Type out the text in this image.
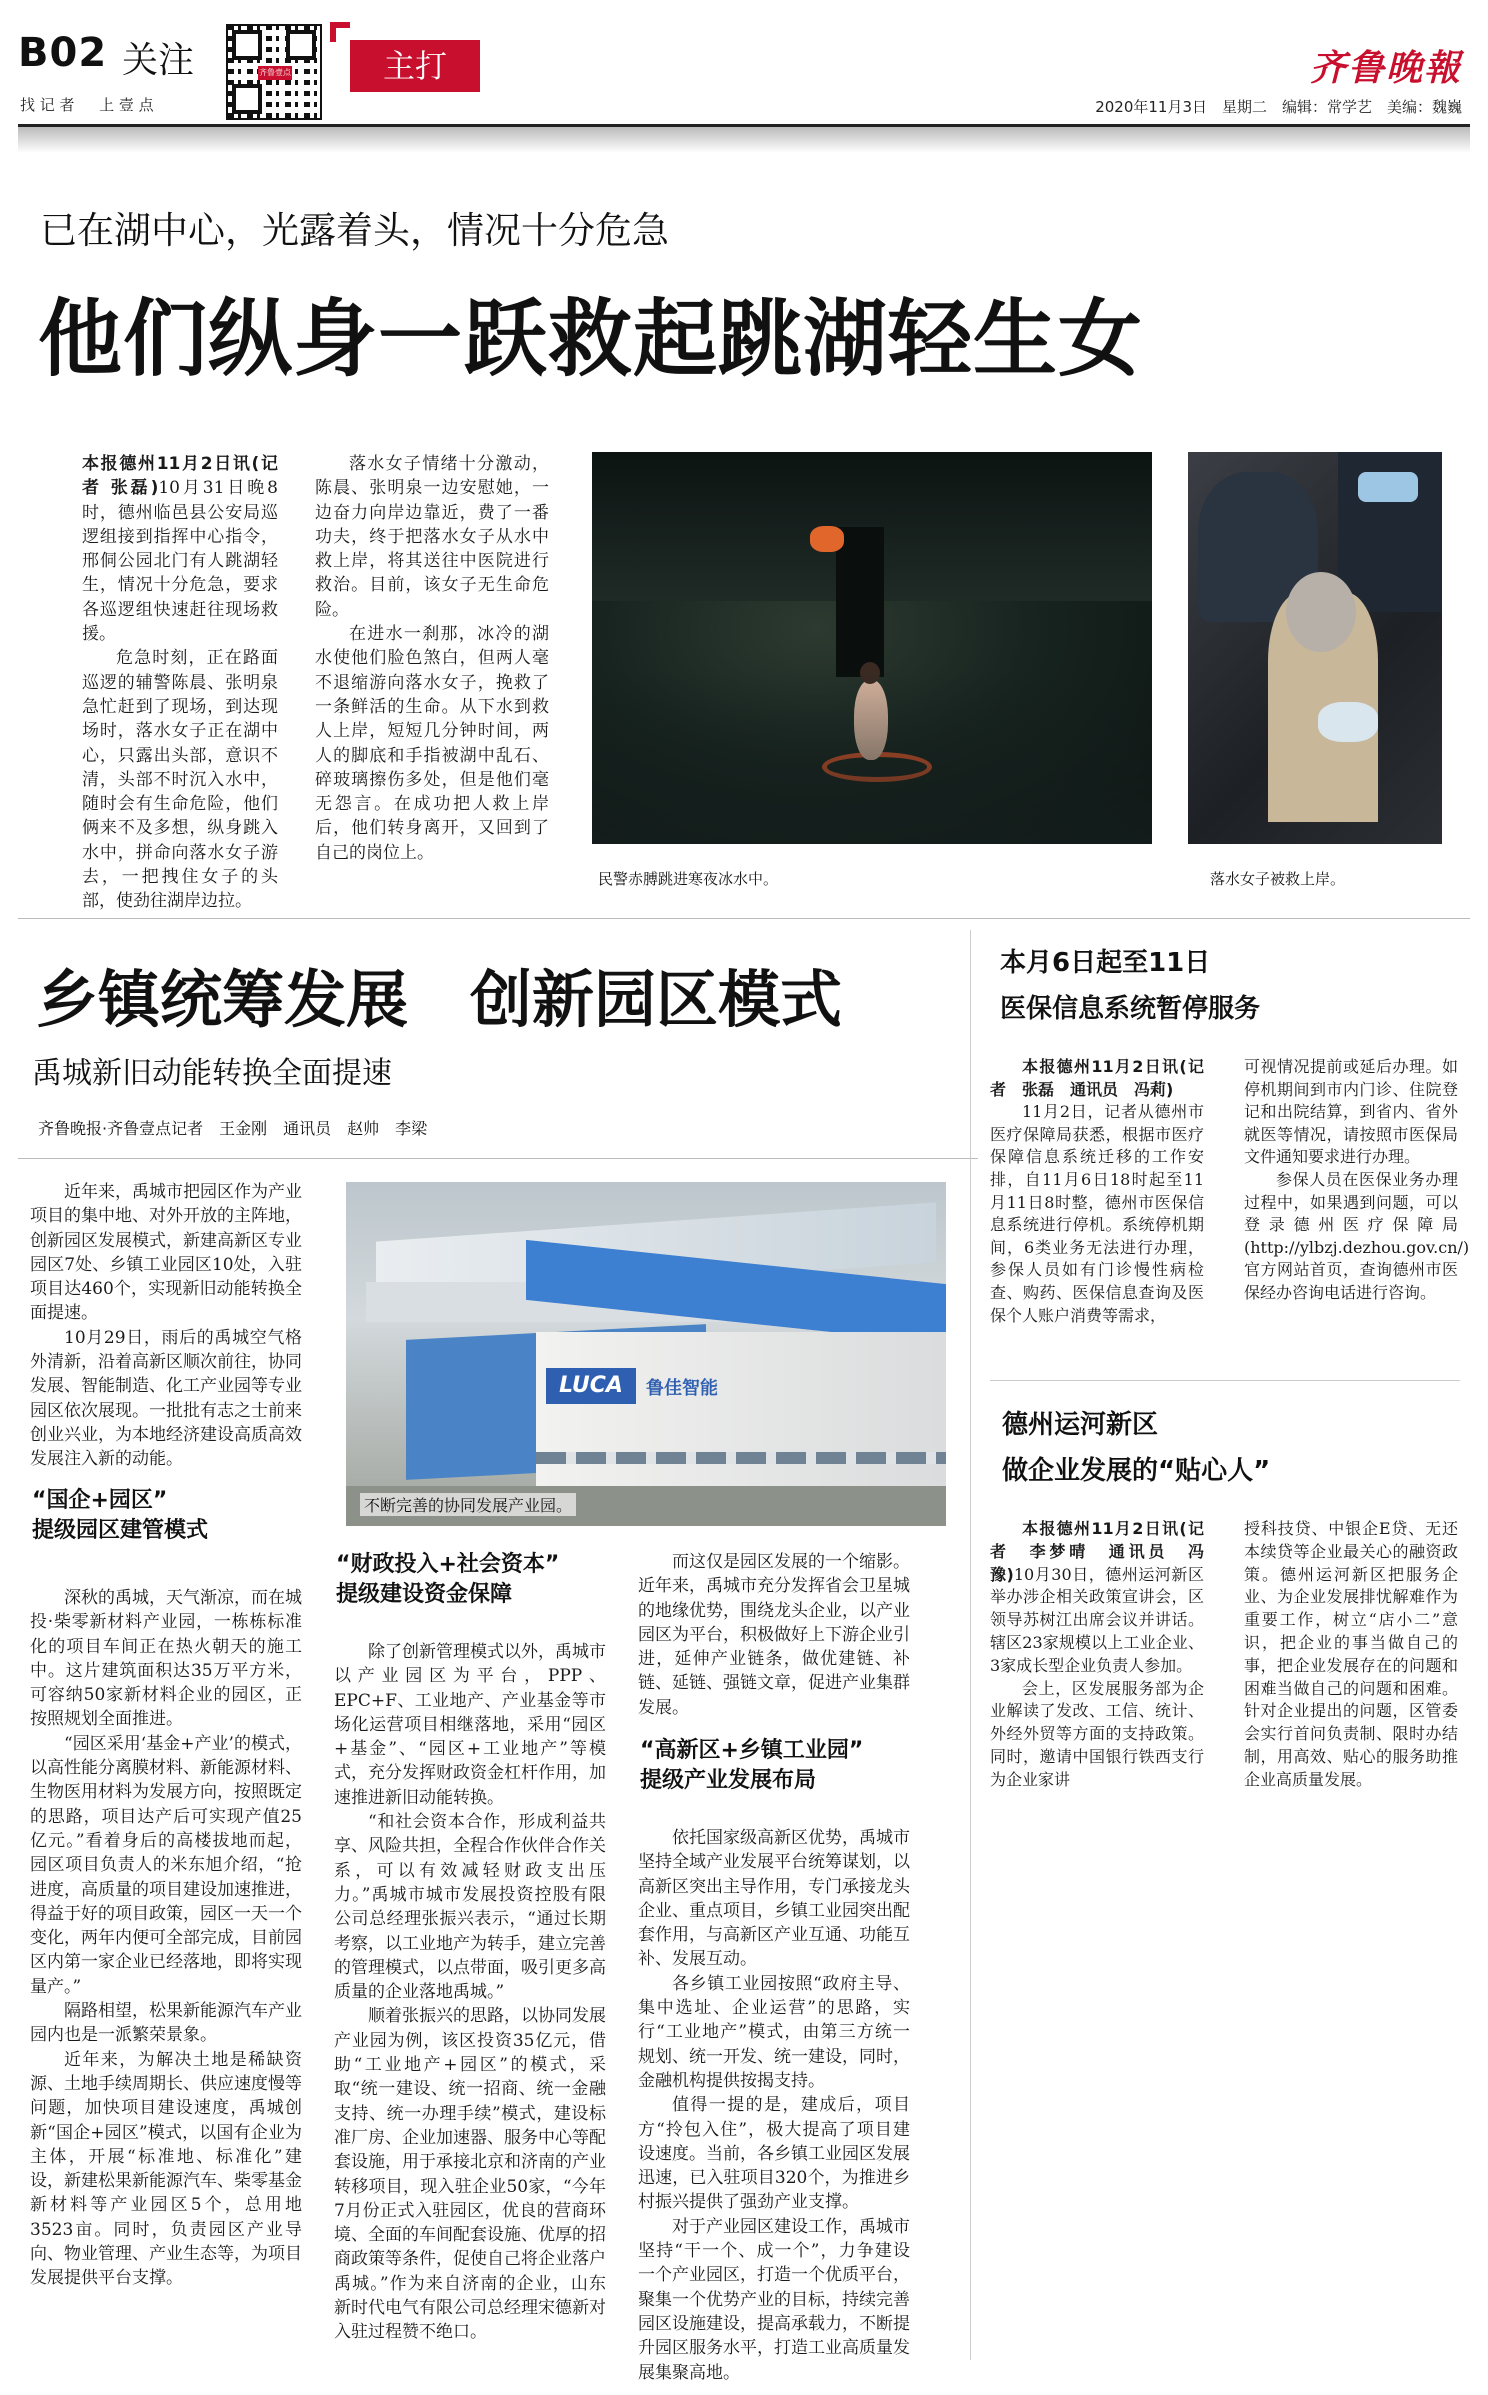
B02 关注
找 记 者 　 上 壹 点
齐鲁壹点	主打	齐鲁晚報
2020年11月3日　星期二　编辑：常学艺　美编：魏巍
已在湖中心，光露着头，情况十分危急
他们纵身一跃救起跳湖轻生女

本报德州11月2日讯(记者 张磊)10月31日晚8时，德州临邑县公安局巡逻组接到指挥中心指令，邢侗公园北门有人跳湖轻生，情况十分危急，要求各巡逻组快速赶往现场救援。

危急时刻，正在路面巡逻的辅警陈晨、张明泉急忙赶到了现场，到达现场时，落水女子正在湖中心，只露出头部，意识不清，头部不时沉入水中，随时会有生命危险，他们俩来不及多想，纵身跳入水中，拼命向落水女子游去，一把拽住女子的头部，使劲往湖岸边拉。

落水女子情绪十分激动，陈晨、张明泉一边安慰她，一边奋力向岸边靠近，费了一番功夫，终于把落水女子从水中救上岸，将其送往中医院进行救治。目前，该女子无生命危险。

在进水一刹那，冰冷的湖水使他们脸色煞白，但两人毫不退缩游向落水女子，挽救了一条鲜活的生命。从下水到救人上岸，短短几分钟时间，两人的脚底和手指被湖中乱石、碎玻璃擦伤多处，但是他们毫无怨言。在成功把人救上岸后，他们转身离开，又回到了自己的岗位上。

民警赤膊跳进寒夜冰水中。	落水女子被救上岸。
乡镇统筹发展　创新园区模式
禹城新旧动能转换全面提速
齐鲁晚报·齐鲁壹点记者　王金刚　通讯员　赵帅　李梁

近年来，禹城市把园区作为产业项目的集中地、对外开放的主阵地，创新园区发展模式，新建高新区专业园区7处、乡镇工业园区10处，入驻项目达460个，实现新旧动能转换全面提速。

10月29日，雨后的禹城空气格外清新，沿着高新区顺次前往，协同发展、智能制造、化工产业园等专业园区依次展现。一批批有志之士前来创业兴业，为本地经济建设高质高效发展注入新的动能。

LUCA	鲁佳智能
不断完善的协同发展产业园。
“国企+园区”
提级园区建管模式

深秋的禹城，天气渐凉，而在城投·柴零新材料产业园，一栋栋标准化的项目车间正在热火朝天的施工中。这片建筑面积达35万平方米，可容纳50家新材料企业的园区，正按照规划全面推进。

“园区采用‘基金+产业’的模式，以高性能分离膜材料、新能源材料、生物医用材料为发展方向，按照既定的思路，项目达产后可实现产值25亿元。”看着身后的高楼拔地而起，园区项目负责人的米东旭介绍，“抢进度，高质量的项目建设加速推进，得益于好的项目政策，园区一天一个变化，两年内便可全部完成，目前园区内第一家企业已经落地，即将实现量产。”

隔路相望，松果新能源汽车产业园内也是一派繁荣景象。

近年来，为解决土地是稀缺资源、土地手续周期长、供应速度慢等问题，加快项目建设速度，禹城创新“国企+园区”模式，以国有企业为主体，开展“标准地、标准化”建设，新建松果新能源汽车、柴零基金新材料等产业园区5个，总用地3523亩。同时，负责园区产业导向、物业管理、产业生态等，为项目发展提供平台支撑。

“财政投入+社会资本”
提级建设资金保障

除了创新管理模式以外，禹城市以产业园区为平台，PPP、EPC+F、工业地产、产业基金等市场化运营项目相继落地，采用“园区+基金”、“园区+工业地产”等模式，充分发挥财政资金杠杆作用，加速推进新旧动能转换。

“和社会资本合作，形成利益共享、风险共担，全程合作伙伴合作关系，可以有效减轻财政支出压力。”禹城市城市发展投资控股有限公司总经理张振兴表示，“通过长期考察，以工业地产为转手，建立完善的管理模式，以点带面，吸引更多高质量的企业落地禹城。”

顺着张振兴的思路，以协同发展产业园为例，该区投资35亿元，借助“工业地产+园区”的模式，采取“统一建设、统一招商、统一金融支持、统一办理手续”模式，建设标准厂房、企业加速器、服务中心等配套设施，用于承接北京和济南的产业转移项目，现入驻企业50家，“今年7月份正式入驻园区，优良的营商环境、全面的车间配套设施、优厚的招商政策等条件，促使自己将企业落户禹城。”作为来自济南的企业，山东新时代电气有限公司总经理宋德新对入驻过程赞不绝口。

而这仅是园区发展的一个缩影。近年来，禹城市充分发挥省会卫星城的地缘优势，围绕龙头企业，以产业园区为平台，积极做好上下游企业引进，延伸产业链条，做优建链、补链、延链、强链文章，促进产业集群发展。

“高新区+乡镇工业园”
提级产业发展布局

依托国家级高新区优势，禹城市坚持全域产业发展平台统筹谋划，以高新区突出主导作用，专门承接龙头企业、重点项目，乡镇工业园突出配套作用，与高新区产业互通、功能互补、发展互动。

各乡镇工业园按照“政府主导、集中选址、企业运营”的思路，实行“工业地产”模式，由第三方统一规划、统一开发、统一建设，同时，金融机构提供按揭支持。

值得一提的是，建成后，项目方“拎包入住”，极大提高了项目建设速度。当前，各乡镇工业园区发展迅速，已入驻项目320个，为推进乡村振兴提供了强劲产业支撑。

对于产业园区建设工作，禹城市坚持“干一个、成一个”，力争建设一个产业园区，打造一个优质平台，聚集一个优势产业的目标，持续完善园区设施建设，提高承载力，不断提升园区服务水平，打造工业高质量发展集聚高地。

本月6日起至11日
医保信息系统暂停服务

本报德州11月2日讯(记者　张磊　通讯员　冯莉)

11月2日，记者从德州市医疗保障局获悉，根据市医疗保障信息系统迁移的工作安排，自11月6日18时起至11月11日8时整，德州市医保信息系统进行停机。系统停机期间，6类业务无法进行办理，参保人员如有门诊慢性病检查、购药、医保信息查询及医保个人账户消费等需求，

可视情况提前或延后办理。如停机期间到市内门诊、住院登记和出院结算，到省内、省外就医等情况，请按照市医保局文件通知要求进行办理。

参保人员在医保业务办理过程中，如果遇到问题，可以登录德州医疗保障局(http://ylbzj.dezhou.gov.cn/)官方网站首页，查询德州市医保经办咨询电话进行咨询。

德州运河新区
做企业发展的“贴心人”

本报德州11月2日讯(记者　李梦晴　通讯员　冯豫)10月30日，德州运河新区举办涉企相关政策宣讲会，区领导苏树江出席会议并讲话。辖区23家规模以上工业企业、3家成长型企业负责人参加。

会上，区发展服务部为企业解读了发改、工信、统计、外经外贸等方面的支持政策。同时，邀请中国银行铁西支行为企业家讲

授科技贷、中银企E贷、无还本续贷等企业最关心的融资政策。德州运河新区把服务企业、为企业发展排忧解难作为重要工作，树立“店小二”意识，把企业的事当做自己的事，把企业发展存在的问题和困难当做自己的问题和困难。针对企业提出的问题，区管委会实行首问负责制、限时办结制，用高效、贴心的服务助推企业高质量发展。
